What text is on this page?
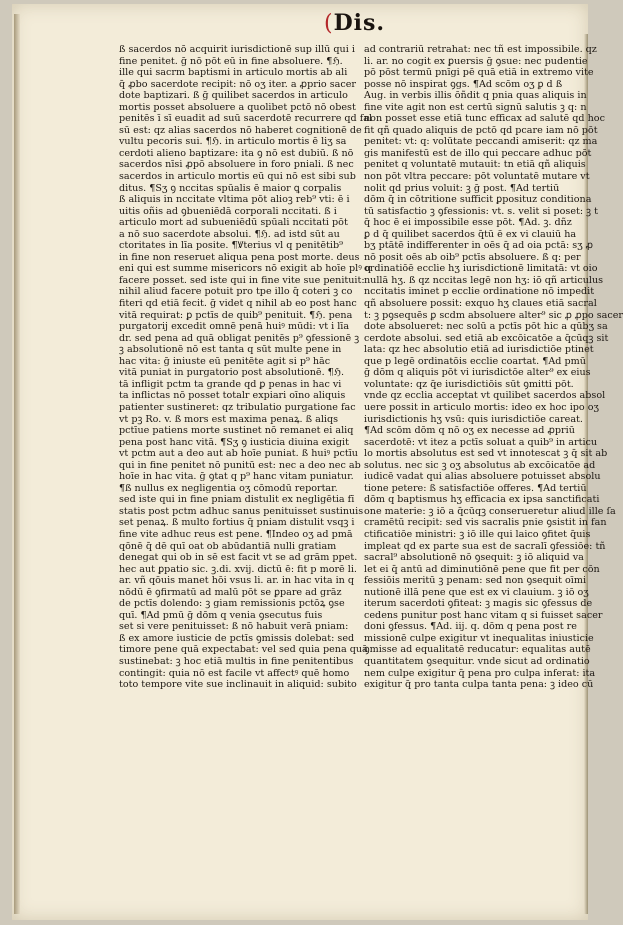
(Dis.
ß sacerdos nō acquirit iurisdictionē sup illū qui i
fine penitet. ḡ nō pōt eū in fine absoluere. ¶ℌ.
ille qui sacrm baptismi in articulo mortis ab ali
q̄ ꝓbo sacerdote recipit: nō oʒ iter. a ꝓprio sacer
dote baptizari. ß ḡ quilibet sacerdos in articulo
mortis posset absoluere a quolibet pctō nō obest
penitēs ī sī euadit ad suū sacerdotē recurrere qd fal
sū est: qz alias sacerdos nō haberet cognitionē de
vultu pecoris sui. ¶ℌ. in articulo mortis ē liʒ sa
cerdoti alieno baptizare: ita ꝯ nō est dubiū. ß nō
sacerdos nīsi ꝓpō absoluere in foro pniali. ß nec
sacerdos in articulo mortis eū qui nō est sibi sub
ditus. ¶Sʒ ꝯ nccitas spūalis ē maior ꝗ corpalis
ß aliquis in nccitate vltima pōt alioꝫ reb⁹ vti: ē i
uitis oñis ad ꝯbueniēdā corporali nccitati. ß i
articulo mort ad subueniēdū spūali nccitati pōt
a nō suo sacerdote absolui. ¶ℌ. ad istd sūt au
ctoritates in līa posite. ¶Ꝟterius vl q penitētib⁹
in fine non reseruet aliqua pena post morte. deus
eni qui est summe misericors nō exigit ab hoīe plꝰ q
facere posset. sed iste qui in fine vite sue penituit:
nihil aliud facere potuit pro tpe illo q̄ coteri ꝫ co
fiteri qd etiā fecit. ḡ videt q nihil ab eo post hanc
vitā requirat: ꝑ pctīs de quib⁹ penituit. ¶ℌ. pena
purgatorij excedit omnē penā huiꝰ mūdi: vt i līa
dr. sed pena ad quā obligat penitēs p⁹ ꝯfessionē ꝫ
ꝫ absolutionē nō est tanta q sūt multe pene in
hac vita: ḡ iniuste eū penitēte agit si p⁹ hāc
vitā puniat in purgatorio post absolutionē. ¶ℌ.
tā infligit pctm ta grande qd ꝑ penas in hac vi
ta inflictas nō posset totalr expiari oīno aliquis
patienter sustineret: qz tribulatio purgatione fac
vt pꝫ Ro. v. ß mors est maxima penaꝝ. ß aliqs
pctīue patiens morte sustinet nō remanet ei aliq
pena post hanc vitā. ¶Sʒ ꝯ iusticia diuina exigit
vt pctm aut a deo aut ab hoīe puniat. ß huiꝰ pctīu
qui in fine penitet nō punitū est: nec a deo nec ab
hoīe in hac vita. ḡ ꝯtat q p⁹ hanc vitam puniatur.
¶ß nullus ex negligentia oʒ cōmodū reportar.
sed iste qui in fine pniam distulit ex negligētia fī
statis post pctm adhuc sanus penituisset sustinuis
set penaꝝ. ß multo fortius q̄ pniam distulit vsqꝫ i
fine vite adhuc reus est pene. ¶Indeo oʒ ad pmā
qōnē q̄ dē quī oat ob abūdantiā nulli gratiam
denegat qui ob in sē est facit vt se ad grām ppet.
hec aut ꝑpatio sic. ꝫ.di. xvij. dictū ē: fit p morē li.
ar. vñ qōuis manet hōi vsus li. ar. in hac vita in q
nōdū ē ꝯfirmatū ad malū pōt se ꝑpare ad grāz
de pctīs dolendo: ꝫ giam remissionis pctōꝝ ꝯse
quī. ¶Ad pmū ḡ dōm q venia ꝯsecutus fuis
set si vere penituisset: ß nō habuit verā pniam:
ß ex amore iusticie de pctīs ꝯmissis dolebat: sed
timore pene quā expectabat: vel sed quia pena quā
sustinebat: ꝫ hoc etiā multis in fine penitentibus
contingit: quia nō est facile vt affectꝰ quē homo
toto tempore vite sue inclinauit in aliquid: subito
ad contrariū retrahat: nec tñ est impossibile. qz
li. ar. no cogit ex ꝑuersis ḡ ꝯsue: nec pudentie
pō pōst termū pnīgi pē quā etiā in extremo vite
posse nō inspirat ꝯgs. ¶Ad scōm oʒ ꝑ d ß
Aug. in verbis illis ōñdit q pnia quas aliquis in
fine vite agit non est certū signū salutis ꝫ q: n
non posset esse etiā tunc efficax ad salutē qd hoc
fit qñ quado aliquis de pctō qd pcare iam nō pōt
penitet: vt: q: volūtate peccandi amiserit: qz ma
gis manifestū est de illo qui peccare adhuc pōt
penitet q voluntatē mutauit: tn etiā qñ aliquis
non pōt vltra peccare: pōt voluntatē mutare vt
nolit qd prius voluit: ꝫ ḡ post. ¶Ad tertiū
dōm q̄ in cōtritione sufficit ꝑposituz conditiona
tū satisfactio ꝫ ꝯfessionis: vt. s. velit si poset: ꝫ t
q̄ hoc ē ei impossibile esse pōt. ¶Ad. ꝫ. dñz
ꝑ d q̄ quilibet sacerdos q̄tū ē ex vi clauiū ha
bʒ ptātē indifferenter in oēs q̄ ad oia pctā: sʒ ꝓ
nō posit oēs ab oib⁹ pctīs absoluere. ß q: per
ordinatiōē ecclie hʒ iurisdictionē limitatā: vt oio
nullā hʒ. ß qz nccitas legē non hʒ: iō qñ articulus
nccitatis iminet p ecclie ordinatione nō impedit
qñ absoluere possit: exquo hʒ claues etiā sacral
t: ꝫ pꝯsequēs ꝑ scdm absoluere alter⁹ sic ꝓ ꝓpo sacer
dote absolueret: nec solū a pctīs pōt hic a qūbʒ sa
cerdote absolui. sed etiā ab excōicatōe a q̄cūqꝫ sit
lata: qz hec absolutio etiā ad iurisdictiōe ptinet
que p legē ordinatōis ecclie coartat. ¶Ad pmū
ḡ dōm q aliquis pōt vi iurisdictōe alter⁹ ex eius
voluntate: qz q̄e iurisdictiōis sūt ꝯmitti pōt.
vnde qz ecclia acceptat vt quilibet sacerdos absol
uere possit in articulo mortis: ideo ex hoc ipo oʒ
iurisdictionis hʒ vsū: quis iurisdictiōe careat.
¶Ad scōm dōm q nō oʒ ex necesse ad ꝓpriū
sacerdotē: vt itez a pctīs soluat a quib⁹ in articu
lo mortis absolutus est sed vt innotescat ꝫ q̄ sit ab
solutus. nec sic ꝫ oʒ absolutus ab excōicatōe ad
iudicē vadat qui alias absoluere potuisset absolu
tione petere: ß satisfactiōe offeres. ¶Ad tertiū
dōm q baptismus hʒ efficacia ex ipsa sanctificati
one materie: ꝫ iō a q̄cūqꝫ conserueretur aliud ille ſa
cramētū recipit: sed vis sacralis pnie ꝯsistit in fan
ctificatiōe ministri: ꝫ iō ille qui laico ꝯfitet q̄uis
impleat qd ex parte sua est de sacralī ꝯfessiōe: tñ
sacral⁹ absolutionē nō ꝯsequit: ꝫ iō aliquid va
let ei q̄ antū ad diminutiōnē pene que fit per cōn
fessiōis meritū ꝫ penam: sed non ꝯsequit oīmi
nutionē illā pene que est ex vi clauium. ꝫ iō oʒ
iterum sacerdoti ꝯfiteat: ꝫ magis sic ꝯfessus de
cedens punitur post hanc vitam q si fuisset sacer
doni ꝯfessus. ¶Ad. iij. q. dōm q pena post re
missionē culpe exigitur vt inequalitas iniusticie
ꝯmisse ad equalitatē reducatur: equalitas autē
quantitatem ꝯsequitur. vnde sicut ad ordinatio
nem culpe exigitur q̄ pena pro culpa inferat: ita
exigitur q̄ pro tanta culpa tanta pena: ꝫ ideo cū
